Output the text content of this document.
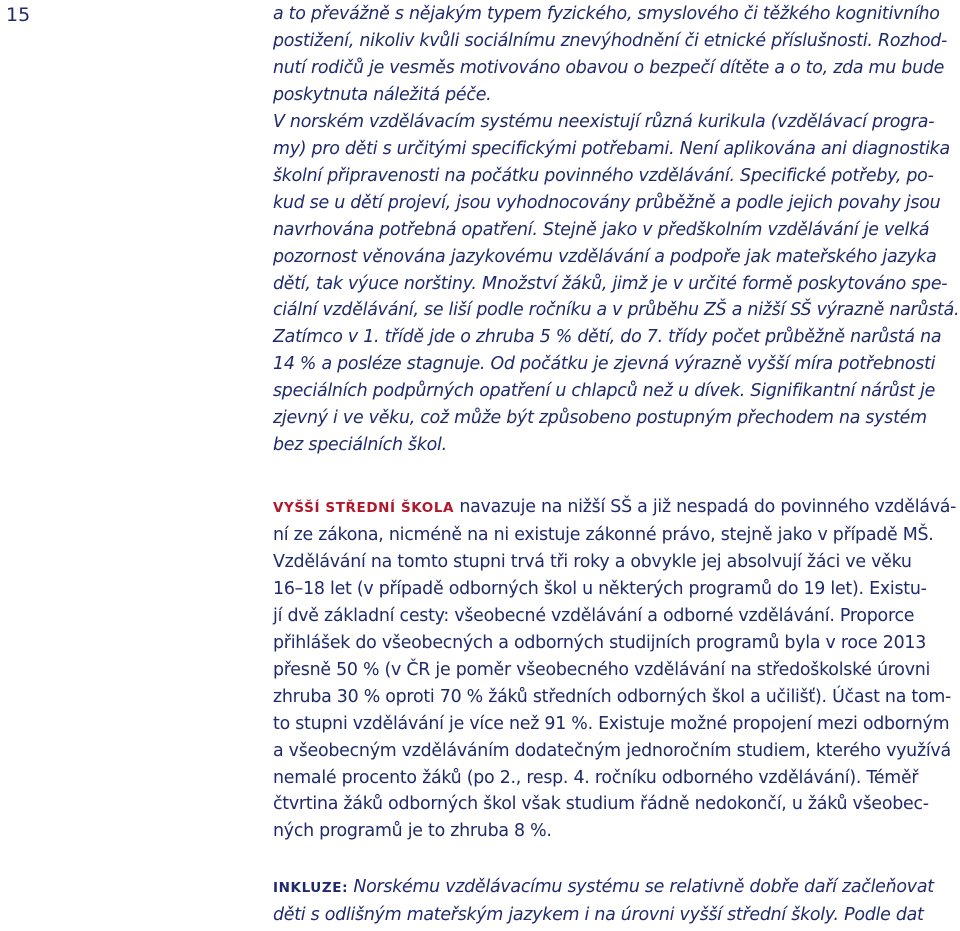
15	a to převážně s nějakým typem fyzického, smyslového či těžkého kognitivního
postižení, nikoliv kvůli sociálnímu znevýhodnění či etnické příslušnosti. Rozhod-
nutí rodičů je vesměs motivováno obavou o bezpečí dítěte a o to, zda mu bude
poskytnuta náležitá péče.
V norském vzdělávacím systému neexistují různá kurikula (vzdělávací progra-
my) pro děti s určitými specifickými potřebami. Není aplikována ani diagnostika
školní připravenosti na počátku povinného vzdělávání. Specifické potřeby, po-
kud se u dětí projeví, jsou vyhodnocovány průběžně a podle jejich povahy jsou
navrhována potřebná opatření. Stejně jako v předškolním vzdělávání je velká
pozornost věnována jazykovému vzdělávání a podpoře jak mateřského jazyka
dětí, tak výuce norštiny. Množství žáků, jimž je v určité formě poskytováno spe-
ciální vzdělávání, se liší podle ročníku a v průběhu ZŠ a nižší SŠ výrazně narůstá.
Zatímco v 1. třídě jde o zhruba 5 % dětí, do 7. třídy počet průběžně narůstá na
14 % a posléze stagnuje. Od počátku je zjevná výrazně vyšší míra potřebnosti
speciálních podpůrných opatření u chlapců než u dívek. Signifikantní nárůst je
zjevný i ve věku, což může být způsobeno postupným přechodem na systém
bez speciálních škol.
VYŠŠÍ STŘEDNÍ ŠKOLA navazuje na nižší SŠ a již nespadá do povinného vzdělává-
ní ze zákona, nicméně na ni existuje zákonné právo, stejně jako v případě MŠ.
Vzdělávání na tomto stupni trvá tři roky a obvykle jej absolvují žáci ve věku
16–18 let (v případě odborných škol u některých programů do 19 let). Existu-
jí dvě základní cesty: všeobecné vzdělávání a odborné vzdělávání. Proporce
přihlášek do všeobecných a odborných studijních programů byla v roce 2013
přesně 50 % (v ČR je poměr všeobecného vzdělávání na středoškolské úrovni
zhruba 30 % oproti 70 % žáků středních odborných škol a učilišť). Účast na tom-
to stupni vzdělávání je více než 91 %. Existuje možné propojení mezi odborným
a všeobecným vzděláváním dodatečným jednoročním studiem, kterého využívá
nemalé procento žáků (po 2., resp. 4. ročníku odborného vzdělávání). Téměř
čtvrtina žáků odborných škol však studium řádně nedokončí, u žáků všeobec-
ných programů je to zhruba 8 %.
INKLUZE: Norskému vzdělávacímu systému se relativně dobře daří začleňovat
děti s odlišným mateřským jazykem i na úrovni vyšší střední školy. Podle dat
